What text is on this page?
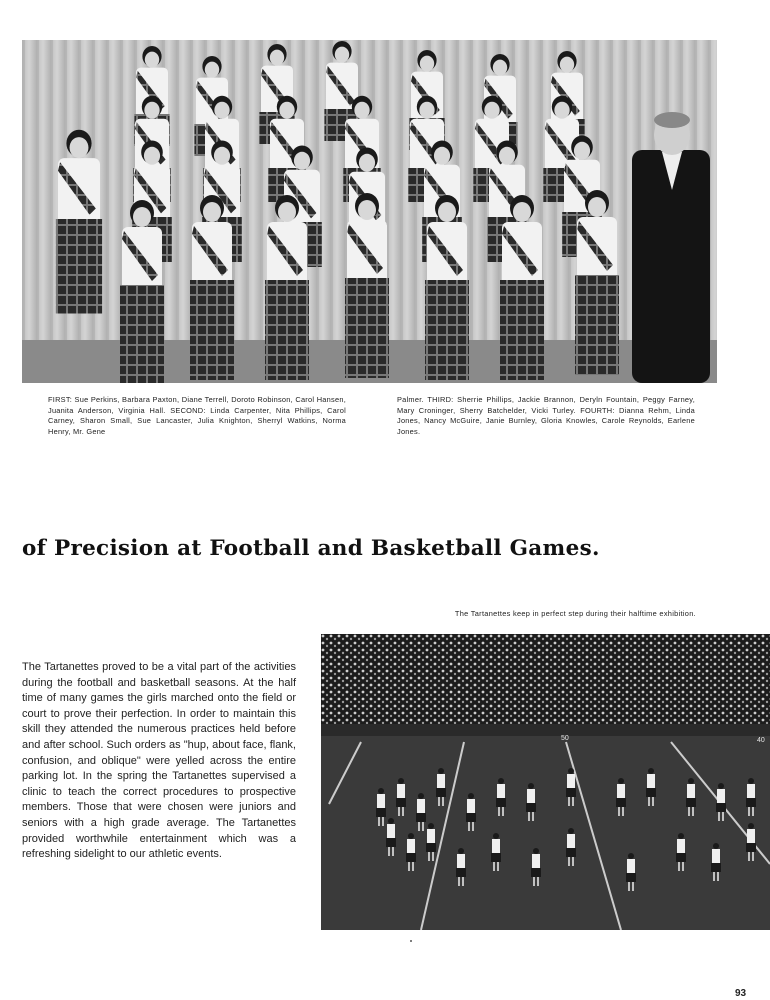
FIRST: Sue Perkins, Barbara Paxton, Diane Terrell, Doroto Robinson, Carol Hansen, Juanita Anderson, Virginia Hall. SECOND: Linda Carpenter, Nita Phillips, Carol Carney, Sharon Small, Sue Lancaster, Julia Knighton, Sherryl Watkins, Norma Henry, Mr. Gene
Palmer. THIRD: Sherrie Phillips, Jackie Brannon, Deryln Fountain, Peggy Farney, Mary Croninger, Sherry Batchelder, Vicki Turley. FOURTH: Dianna Rehm, Linda Jones, Nancy McGuire, Janie Burnley, Gloria Knowles, Carole Reynolds, Earlene Jones.
of Precision at Football and Basketball Games.
The Tartanettes keep in perfect step during their halftime exhibition.

The Tartanettes proved to be a vital part of the activities during the football and basketball seasons. At the half time of many games the girls marched onto the field or court to prove their perfection. In order to maintain this skill they attended the numerous practices held before and after school. Such orders as "hup, about face, flank, confusion, and oblique" were yelled across the entire parking lot. In the spring the Tartanettes supervised a clinic to teach the correct procedures to prospective members. Those that were chosen were juniors and seniors with a high grade average. The Tartanettes provided worthwhile entertainment which was a refreshing sidelight to our athletic events.

50	40
93
